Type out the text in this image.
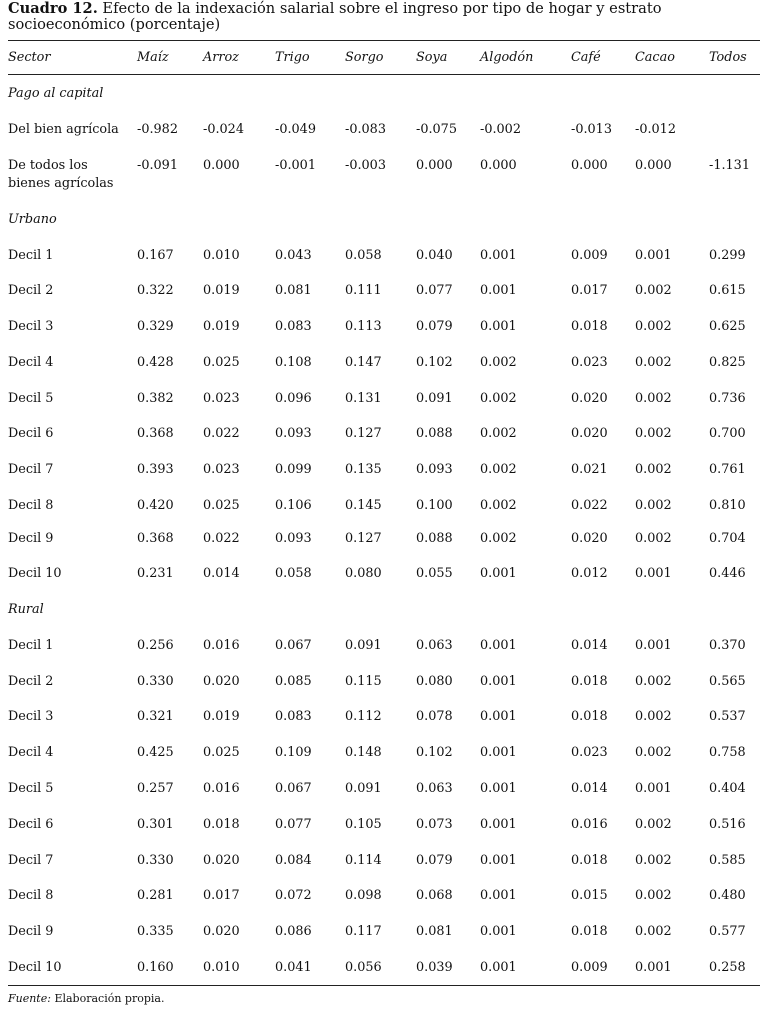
Cuadro 12. Efecto de la indexación salarial sobre el ingreso por tipo de hogar y estrato socioeconómico (porcentaje)
Sector	Maíz	Arroz	Trigo	Sorgo	Soya	Algodón	Café	Cacao	Todos
Pago al capital
Del bien agrícola -0.982 -0.024 -0.049 -0.083 -0.075 -0.002	-0.013 -0.012
De todos los
bienes agrícolas
-0.091 0.000	-0.001 -0.003 0.000 0.000	0.000 0.000	-1.131
Urbano
Decil 1	0.167 0.010	0.043	0.058	0.040 0.001	0.009 0.001	0.299
Decil 2	0.322 0.019	0.081	0.111	0.077 0.001	0.017 0.002	0.615
Decil 3	0.329 0.019	0.083	0.113	0.079 0.001	0.018 0.002	0.625
Decil 4	0.428 0.025	0.108	0.147	0.102 0.002	0.023 0.002	0.825
Decil 5	0.382 0.023	0.096	0.131	0.091 0.002	0.020 0.002	0.736
Decil 6	0.368 0.022	0.093	0.127	0.088 0.002	0.020 0.002	0.700
Decil 7	0.393 0.023	0.099	0.135	0.093 0.002	0.021 0.002	0.761
Decil 8	0.420 0.025	0.106	0.145	0.100 0.002	0.022 0.002	0.810
Decil 9	0.368 0.022	0.093	0.127	0.088 0.002	0.020 0.002	0.704
Decil 10	0.231 0.014	0.058	0.080	0.055 0.001	0.012 0.001	0.446
Rural
Decil 1	0.256 0.016	0.067	0.091	0.063 0.001	0.014 0.001	0.370
Decil 2	0.330 0.020	0.085	0.115	0.080 0.001	0.018 0.002	0.565
Decil 3	0.321 0.019	0.083	0.112	0.078 0.001	0.018 0.002	0.537
Decil 4	0.425 0.025	0.109	0.148	0.102 0.001	0.023 0.002	0.758
Decil 5	0.257 0.016	0.067	0.091	0.063 0.001	0.014 0.001	0.404
Decil 6	0.301 0.018	0.077	0.105	0.073 0.001	0.016 0.002	0.516
Decil 7	0.330 0.020	0.084	0.114	0.079 0.001	0.018 0.002	0.585
Decil 8	0.281 0.017	0.072	0.098	0.068 0.001	0.015 0.002	0.480
Decil 9	0.335 0.020	0.086	0.117	0.081 0.001	0.018 0.002	0.577
Decil 10	0.160 0.010	0.041	0.056	0.039 0.001	0.009 0.001	0.258
Fuente: Elaboración propia.
